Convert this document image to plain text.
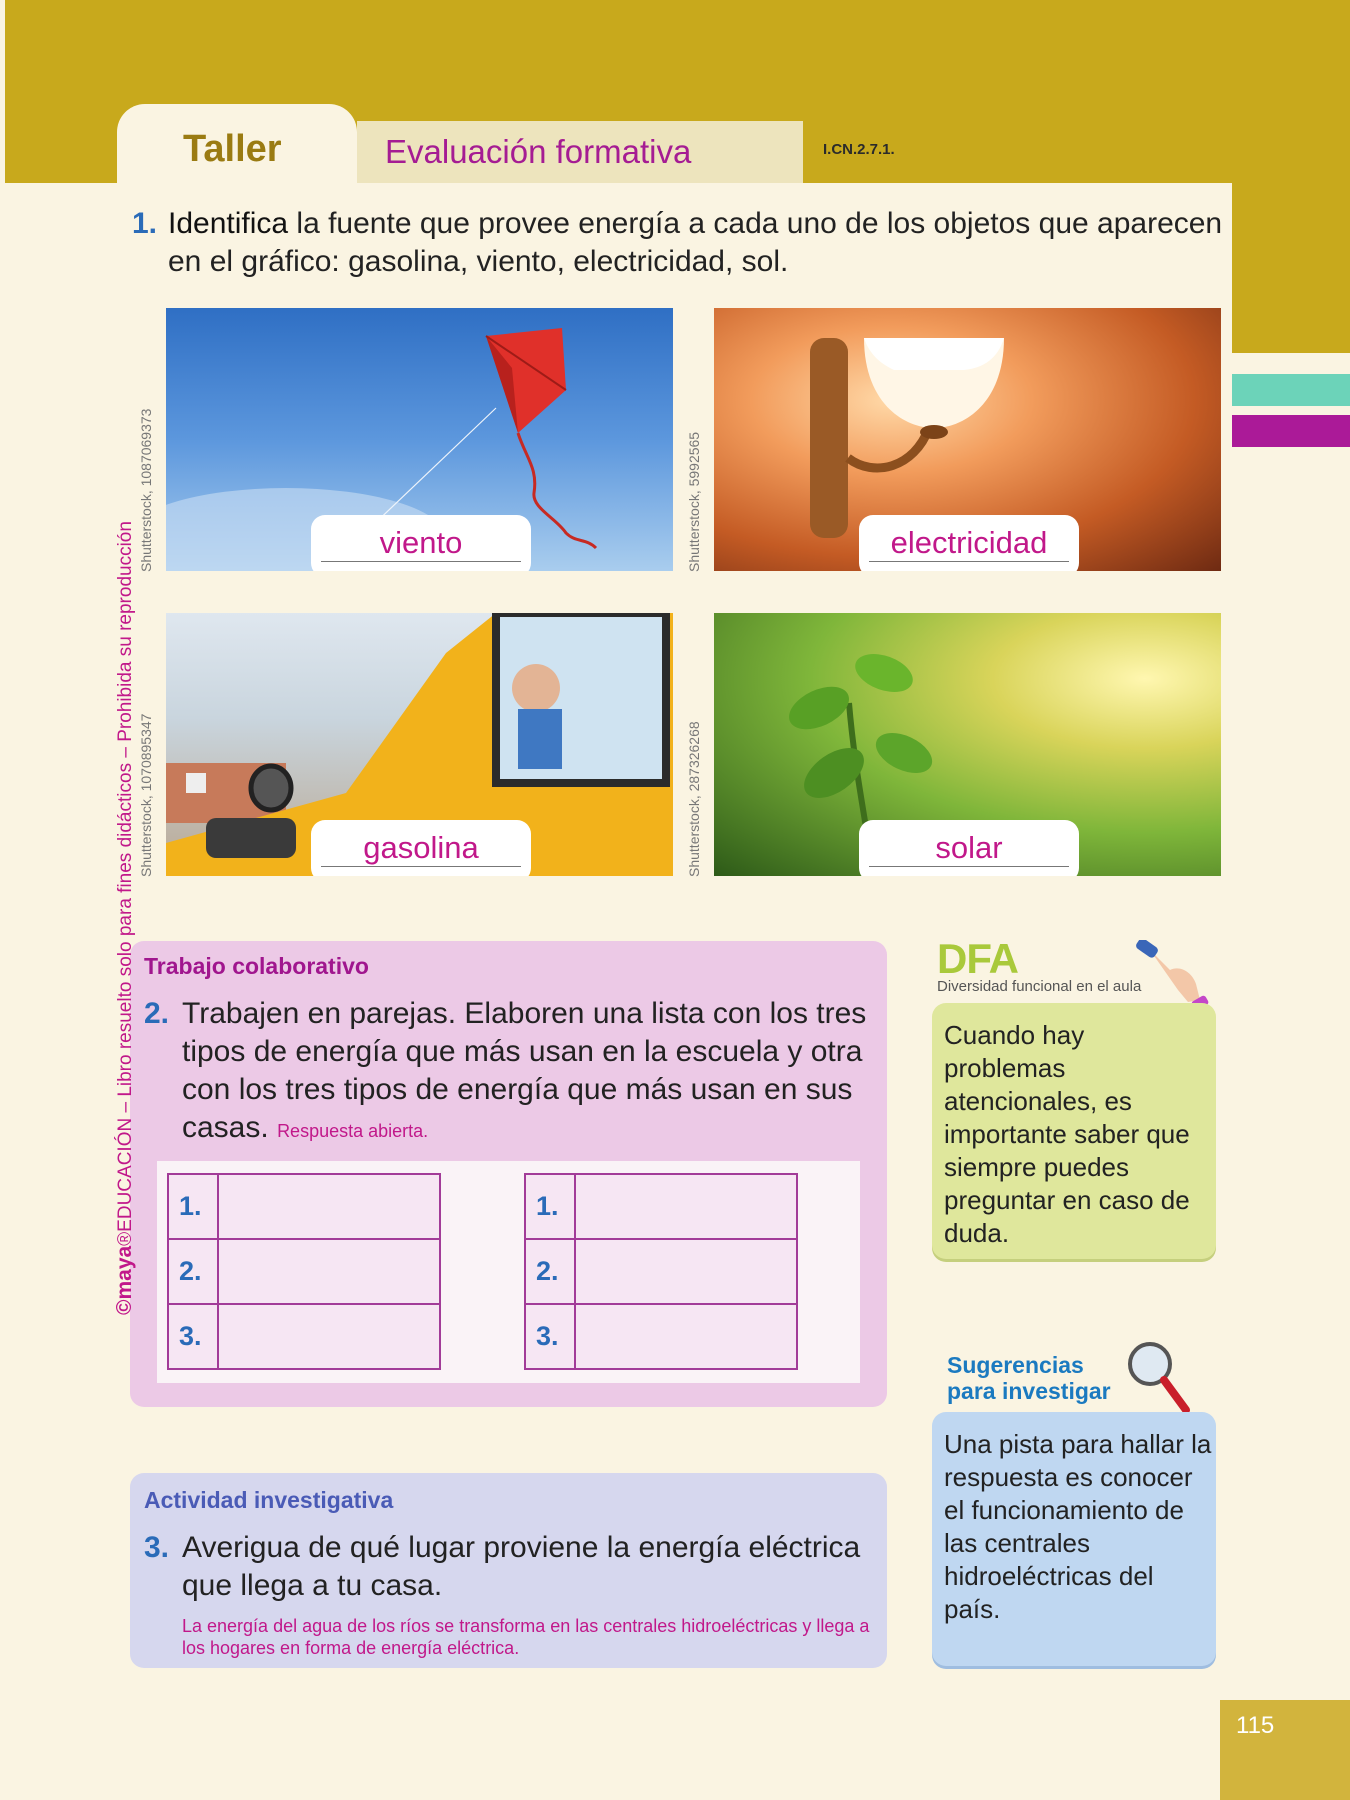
Taller	Evaluación formativa	I.CN.2.7.1.
1. Identifica la fuente que provee energía a cada uno de los objetos que aparecen en el gráfico: gasolina, viento, electricidad, sol.
Shutterstock, 1087069373	Shutterstock, 5992565
Shutterstock, 1070895347	Shutterstock, 287326268
viento	electricidad
gasolina	solar
Trabajo colaborativo
2. Trabajen en parejas. Elaboren una lista con los tres tipos de energía que más usan en la escuela y otra con los tres tipos de energía que más usan en sus casas. Respuesta abierta.
1.
2.
3.
1.
2.
3.
Actividad investigativa
3. Averigua de qué lugar proviene la energía eléctrica que llega a tu casa.
La energía del agua de los ríos se transforma en las centrales hidroeléctricas y llega a los hogares en forma de energía eléctrica.
DFA
Diversidad funcional en el aula
Cuando hay problemas atencionales, es importante saber que siempre puedes preguntar en caso de duda.
Sugerencias
para investigar
Una pista para hallar la respuesta es conocer el funcionamiento de las centrales hidroeléctricas del país.
©maya®EDUCACIÓN – Libro resuelto solo para fines didácticos – Prohibida su reproducción
115
